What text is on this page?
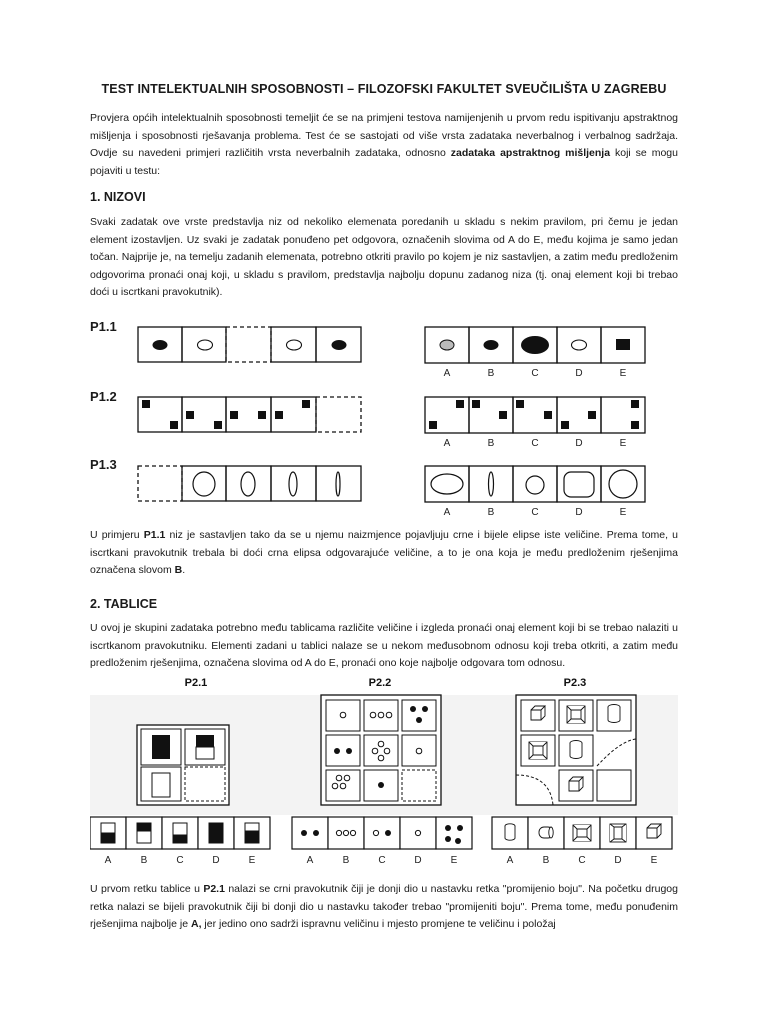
TEST INTELEKTUALNIH SPOSOBNOSTI – FILOZOFSKI FAKULTET SVEUČILIŠTA U ZAGREBU

Provjera općih intelektualnih sposobnosti temeljit će se na primjeni testova namijenjenih u prvom redu ispitivanju apstraktnog mišljenja i sposobnosti rješavanja problema. Test će se sastojati od više vrsta zadataka neverbalnog i verbalnog sadržaja. Ovdje su navedeni primjeri različitih vrsta neverbalnih zadataka, odnosno zadataka apstraktnog mišljenja koji se mogu pojaviti u testu:

1. NIZOVI

Svaki zadatak ove vrste predstavlja niz od nekoliko elemenata poredanih u skladu s nekim pravilom, pri čemu je jedan element izostavljen. Uz svaki je zadatak ponuđeno pet odgovora, označenih slovima od A do E, među kojima je samo jedan točan. Najprije je, na temelju zadanih elemenata, potrebno otkriti pravilo po kojem je niz sastavljen, a zatim među predloženim odgovorima pronaći onaj koji, u skladu s pravilom, predstavlja najbolju dopunu zadanog niza (tj. onaj element koji bi trebao doći u iscrtkani pravokutnik).

P1.1
P1.2
P1.3
A	B	C	D	E
A	B	C	D	E
A	B	C	D	E

U primjeru P1.1 niz je sastavljen tako da se u njemu naizmjence pojavljuju crne i bijele elipse iste veličine. Prema tome, u iscrtkani pravokutnik trebala bi doći crna elipsa odgovarajuće veličine, a to je ona koja je među predloženim rješenjima označena slovom B.

2. TABLICE

U ovoj je skupini zadataka potrebno među tablicama različite veličine i izgleda pronaći onaj element koji bi se trebao nalaziti u iscrtkanom pravokutniku. Elementi zadani u tablici nalaze se u nekom međusobnom odnosu koji treba otkriti, a zatim među predloženim rješenjima, označena slovima od A do E, pronaći ono koje najbolje odgovara tom odnosu.

P2.1	P2.2	P2.3
A	B	C	D	E	A	B	C	D	E	A	B	C	D	E

U prvom retku tablice u P2.1 nalazi se crni pravokutnik čiji je donji dio u nastavku retka "promijenio boju". Na početku drugog retka nalazi se bijeli pravokutnik čiji bi donji dio u nastavku također trebao "promijeniti boju". Prema tome, među ponuđenim rješenjima najbolje je A, jer jedino ono sadrži ispravnu veličinu i mjesto promjene te veličinu i položaj
